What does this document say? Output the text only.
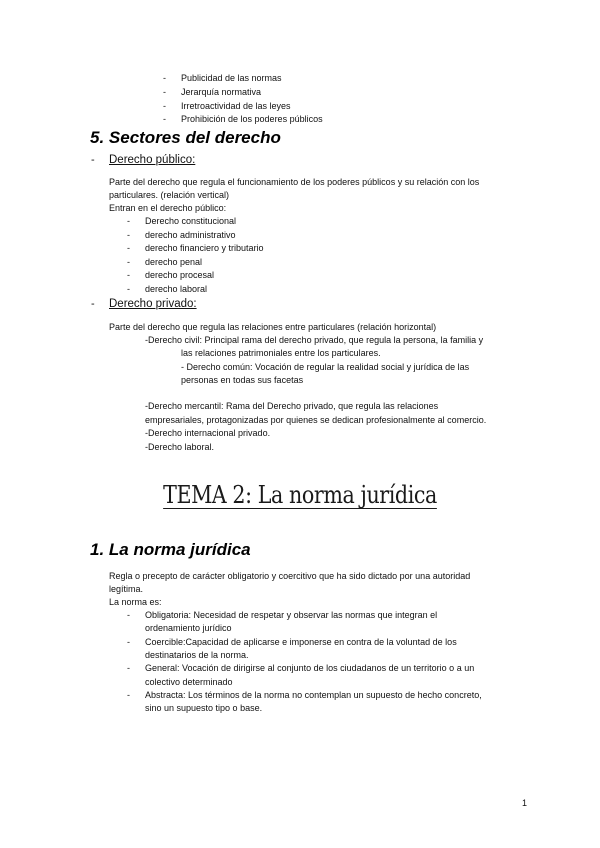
- Publicidad de las normas
- Jerarquía normativa
- Irretroactividad de las leyes
- Prohibición de los poderes públicos
5. Sectores del derecho
- Derecho público:
Parte del derecho que regula el funcionamiento de los poderes públicos y su relación con los
particulares. (relación vertical)
Entran en el derecho público:
- Derecho constitucional
- derecho administrativo
- derecho financiero y tributario
- derecho penal
- derecho procesal
- derecho laboral
- Derecho privado:
Parte del derecho que regula las relaciones entre particulares (relación horizontal)
-Derecho civil: Principal rama del derecho privado, que regula la persona, la familia y
las relaciones patrimoniales entre los particulares.
- Derecho común: Vocación de regular la realidad social y jurídica de las
personas en todas sus facetas
-Derecho mercantil: Rama del Derecho privado, que regula las relaciones
empresariales, protagonizadas por quienes se dedican profesionalmente al comercio.
-Derecho internacional privado.
-Derecho laboral.
TEMA 2: La norma jurídica
1. La norma jurídica
Regla o precepto de carácter obligatorio y coercitivo que ha sido dictado por una autoridad
legítima.
La norma es:
- Obligatoria: Necesidad de respetar y observar las normas que integran el
ordenamiento jurídico
- Coercible:Capacidad de aplicarse e imponerse en contra de la voluntad de los
destinatarios de la norma.
- General: Vocación de dirigirse al conjunto de los ciudadanos de un territorio o a un
colectivo determinado
- Abstracta: Los términos de la norma no contemplan un supuesto de hecho concreto,
sino un supuesto tipo o base.
1
